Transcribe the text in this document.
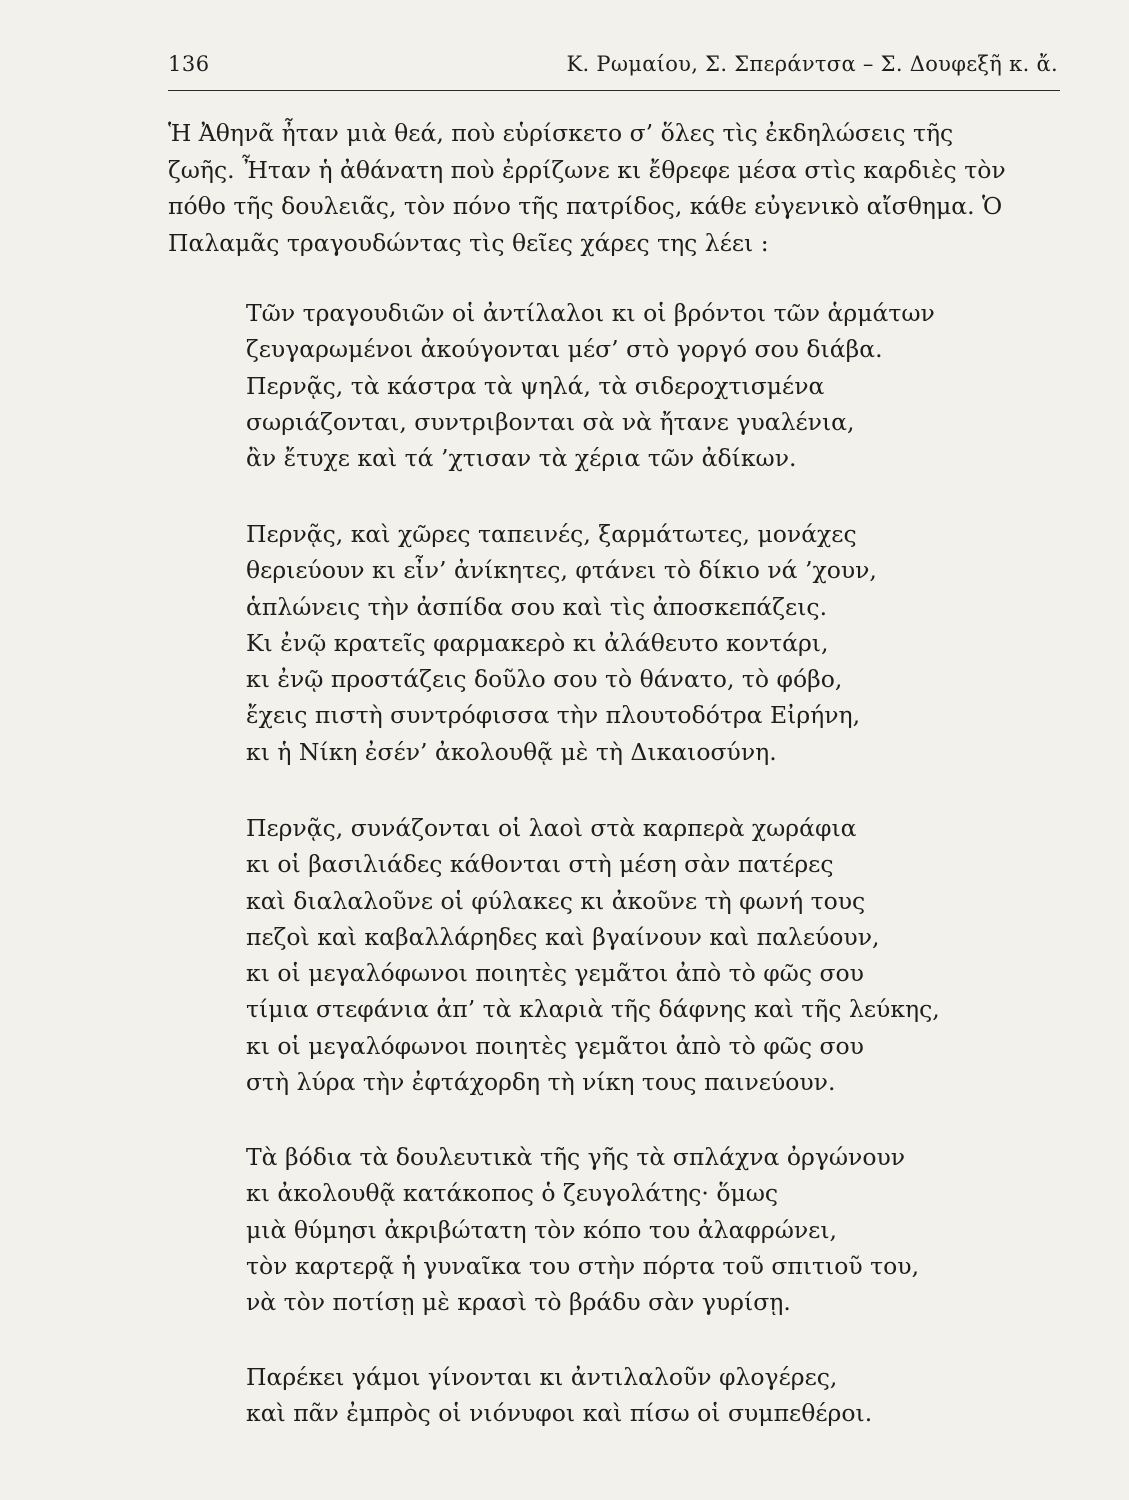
136	Κ. Ρωμαίου, Σ. Σπεράντσα – Σ. Δουφεξῆ κ. ἄ.
Ἡ Ἀθηνᾶ ἦταν μιὰ θεά, ποὺ εὑρίσκετο σ’ ὅλες τὶς ἐκδηλώσεις τῆς
ζωῆς. Ἦταν ἡ ἀθάνατη ποὺ ἐρρίζωνε κι ἔθρεφε μέσα στὶς καρδιὲς τὸν
πόθο τῆς δουλειᾶς, τὸν πόνο τῆς πατρίδος, κάθε εὐγενικὸ αἴσθημα. Ὁ
Παλαμᾶς τραγουδώντας τὶς θεῖες χάρες της λέει :
Τῶν τραγουδιῶν οἱ ἀντίλαλοι κι οἱ βρόντοι τῶν ἁρμάτων
ζευγαρωμένοι ἀκούγονται μέσ’ στὸ γοργό σου διάβα.
Περνᾷς, τὰ κάστρα τὰ ψηλά, τὰ σιδεροχτισμένα
σωριάζονται, συντριβονται σὰ νὰ ἤτανε γυαλένια,
ἂν ἔτυχε καὶ τά ’χτισαν τὰ χέρια τῶν ἀδίκων.
Περνᾷς, καὶ χῶρες ταπεινές, ξαρμάτωτες, μονάχες
θεριεύουν κι εἶν’ ἀνίκητες, φτάνει τὸ δίκιο νά ’χουν,
ἁπλώνεις τὴν ἀσπίδα σου καὶ τὶς ἀποσκεπάζεις.
Κι ἐνῷ κρατεῖς φαρμακερὸ κι ἀλάθευτο κοντάρι,
κι ἐνῷ προστάζεις δοῦλο σου τὸ θάνατο, τὸ φόβο,
ἔχεις πιστὴ συντρόφισσα τὴν πλουτοδότρα Εἰρήνη,
κι ἡ Νίκη ἐσέν’ ἀκολουθᾷ μὲ τὴ Δικαιοσύνη.
Περνᾷς, συνάζονται οἱ λαοὶ στὰ καρπερὰ χωράφια
κι οἱ βασιλιάδες κάθονται στὴ μέση σὰν πατέρες
καὶ διαλαλοῦνε οἱ φύλακες κι ἀκοῦνε τὴ φωνή τους
πεζοὶ καὶ καβαλλάρηδες καὶ βγαίνουν καὶ παλεύουν,
κι οἱ μεγαλόφωνοι ποιητὲς γεμᾶτοι ἀπὸ τὸ φῶς σου
τίμια στεφάνια ἀπ’ τὰ κλαριὰ τῆς δάφνης καὶ τῆς λεύκης,
κι οἱ μεγαλόφωνοι ποιητὲς γεμᾶτοι ἀπὸ τὸ φῶς σου
στὴ λύρα τὴν ἐφτάχορδη τὴ νίκη τους παινεύουν.
Τὰ βόδια τὰ δουλευτικὰ τῆς γῆς τὰ σπλάχνα ὀργώνουν
κι ἀκολουθᾷ κατάκοπος ὁ ζευγολάτης· ὅμως
μιὰ θύμησι ἀκριβώτατη τὸν κόπο του ἀλαφρώνει,
τὸν καρτερᾷ ἡ γυναῖκα του στὴν πόρτα τοῦ σπιτιοῦ του,
νὰ τὸν ποτίσῃ μὲ κρασὶ τὸ βράδυ σὰν γυρίσῃ.
Παρέκει γάμοι γίνονται κι ἀντιλαλοῦν φλογέρες,
καὶ πᾶν ἐμπρὸς οἱ νιόνυφοι καὶ πίσω οἱ συμπεθέροι.
